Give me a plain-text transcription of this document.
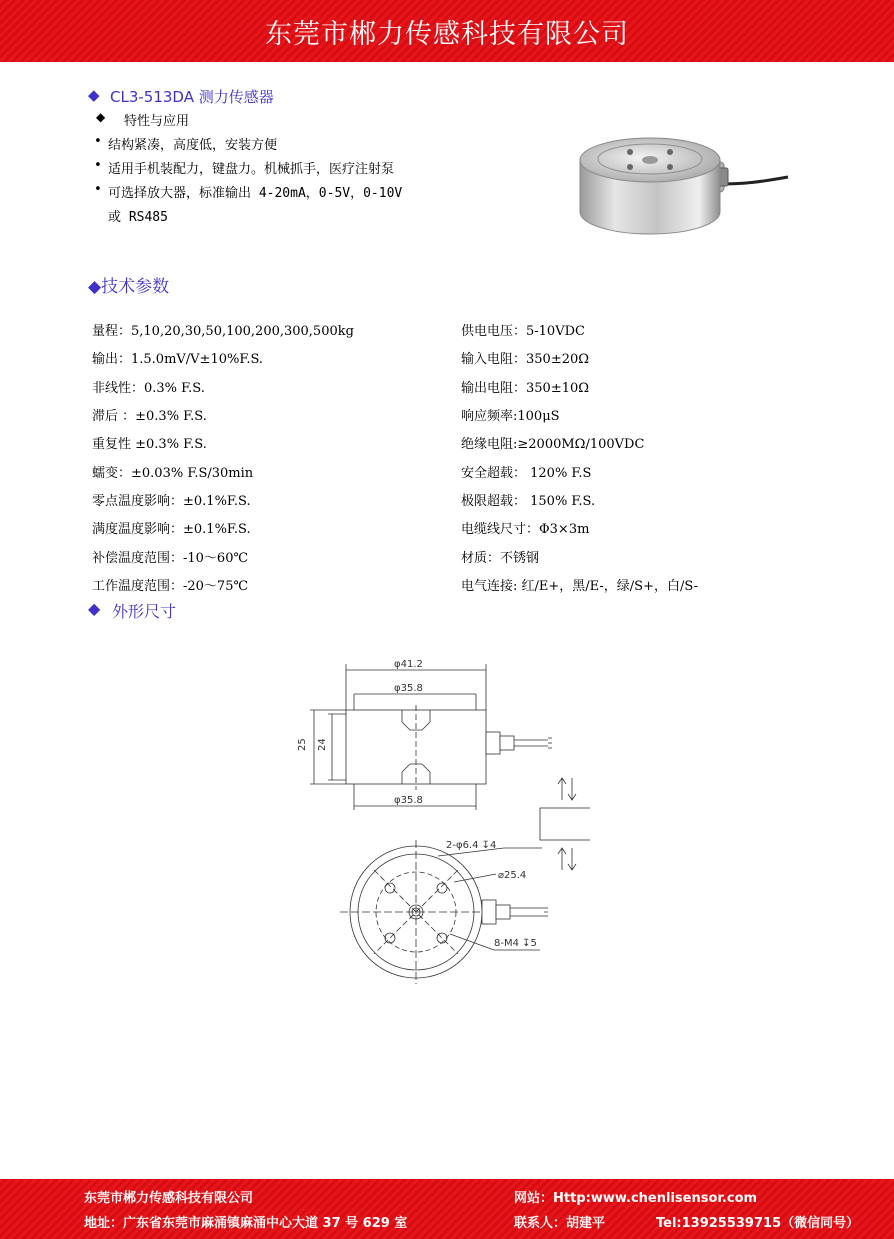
东莞市郴力传感科技有限公司
◆ CL3-513DA 测力传感器
◆ 特性与应用
• 结构紧凑，高度低，安装方便
• 适用手机装配力，键盘力。机械抓手，医疗注射泵
• 可选择放大器，标准输出 4-20mA，0-5V，0-10V
或 RS485
◆技术参数
量程：5,10,20,30,50,100,200,300,500kg
输出：1.5.0mV/V±10%F.S.
非线性：0.3% F.S.
滞后 ：±0.3% F.S.
重复性 ±0.3% F.S.
蠕变：±0.03% F.S/30min
零点温度影响：±0.1%F.S.
满度温度影响：±0.1%F.S.
补偿温度范围：-10～60℃
工作温度范围：-20～75℃
供电电压：5-10VDC
输入电阻：350±20Ω
输出电阻：350±10Ω
响应频率:100μS
绝缘电阻:≥2000MΩ/100VDC
安全超载： 120% F.S
极限超载： 150% F.S.
电缆线尺寸：Φ3×3m
材质：不锈钢
电气连接: 红/E+，黑/E-，绿/S+，白/S-
◆ 外形尺寸
φ41.2
φ35.8
25 24
φ35.8
2-φ6.4 ↧4
⌀25.4
8-M4 ↧5
东莞市郴力传感科技有限公司
地址：广东省东莞市麻涌镇麻涌中心大道 37 号 629 室
网站：Http:www.chenlisensor.com
联系人：胡建平	Tel:13925539715（微信同号）
